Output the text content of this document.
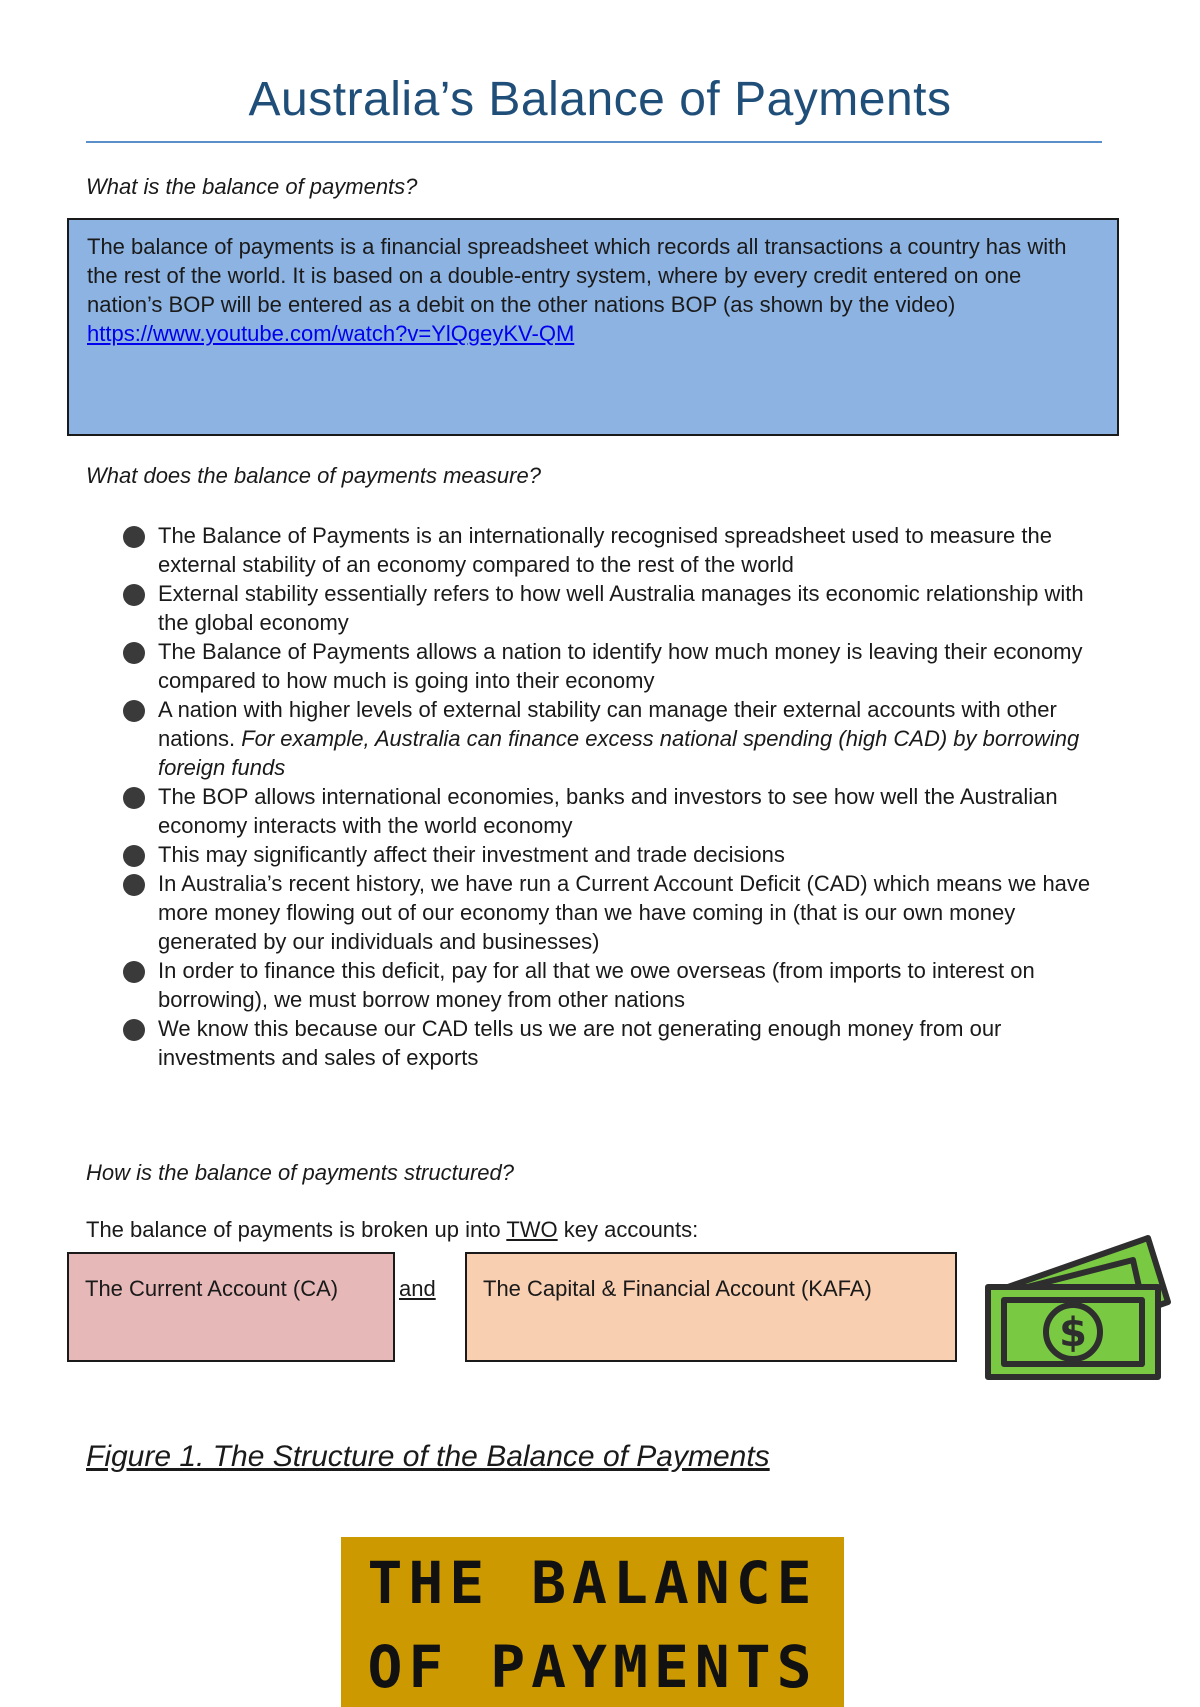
Australia’s Balance of Payments

What is the balance of payments?

The balance of payments is a financial spreadsheet which records all transactions a country has with the rest of the world. It is based on a double-entry system, where by every credit entered on one nation’s BOP will be entered as a debit on the other nations BOP (as shown by the video)
https://www.youtube.com/watch?v=YlQgeyKV-QM

What does the balance of payments measure?

The Balance of Payments is an internationally recognised spreadsheet used to measure the external stability of an economy compared to the rest of the world
External stability essentially refers to how well Australia manages its economic relationship with the global economy
The Balance of Payments allows a nation to identify how much money is leaving their economy compared to how much is going into their economy
A nation with higher levels of external stability can manage their external accounts with other nations. For example, Australia can finance excess national spending (high CAD) by borrowing foreign funds
The BOP allows international economies, banks and investors to see how well the Australian economy interacts with the world economy
This may significantly affect their investment and trade decisions
In Australia’s recent history, we have run a Current Account Deficit (CAD) which means we have more money flowing out of our economy than we have coming in (that is our own money generated by our individuals and businesses)
In order to finance this deficit, pay for all that we owe overseas (from imports to interest on borrowing), we must borrow money from other nations
We know this because our CAD tells us we are not generating enough money from our investments and sales of exports

How is the balance of payments structured?

The balance of payments is broken up into TWO key accounts:

The Current Account (CA)	and	The Capital & Financial Account (KAFA)
$

Figure 1. The Structure of the Balance of Payments

THE BALANCE
OF PAYMENTS
